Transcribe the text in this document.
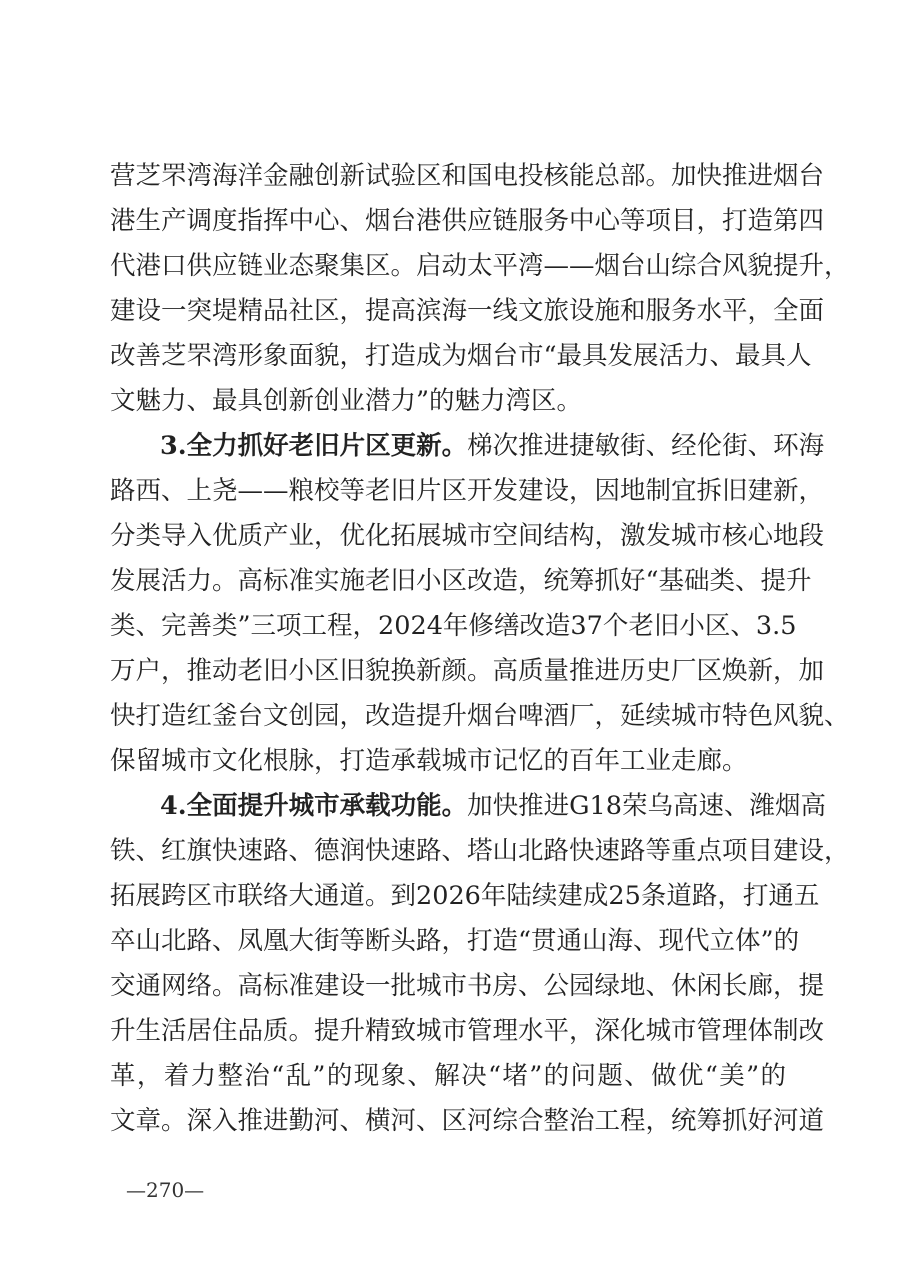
营芝罘湾海洋金融创新试验区和国电投核能总部。加快推进烟台
港生产调度指挥中心、烟台港供应链服务中心等项目，打造第四
代港口供应链业态聚集区。启动太平湾——烟台山综合风貌提升，
建设一突堤精品社区，提高滨海一线文旅设施和服务水平，全面
改善芝罘湾形象面貌，打造成为烟台市“最具发展活力、最具人
文魅力、最具创新创业潜力”的魅力湾区。
3.全力抓好老旧片区更新。梯次推进捷敏街、经伦街、环海
路西、上尧——粮校等老旧片区开发建设，因地制宜拆旧建新，
分类导入优质产业，优化拓展城市空间结构，激发城市核心地段
发展活力。高标准实施老旧小区改造，统筹抓好“基础类、提升
类、完善类”三项工程，2024年修缮改造37个老旧小区、3.5
万户，推动老旧小区旧貌换新颜。高质量推进历史厂区焕新，加
快打造红釜台文创园，改造提升烟台啤酒厂，延续城市特色风貌、
保留城市文化根脉，打造承载城市记忆的百年工业走廊。
4.全面提升城市承载功能。加快推进G18荣乌高速、潍烟高
铁、红旗快速路、德润快速路、塔山北路快速路等重点项目建设，
拓展跨区市联络大通道。到2026年陆续建成25条道路，打通五
卒山北路、凤凰大街等断头路，打造“贯通山海、现代立体”的
交通网络。高标准建设一批城市书房、公园绿地、休闲长廊，提
升生活居住品质。提升精致城市管理水平，深化城市管理体制改
革，着力整治“乱”的现象、解决“堵”的问题、做优“美”的
文章。深入推进勤河、横河、区河综合整治工程，统筹抓好河道
—270—
